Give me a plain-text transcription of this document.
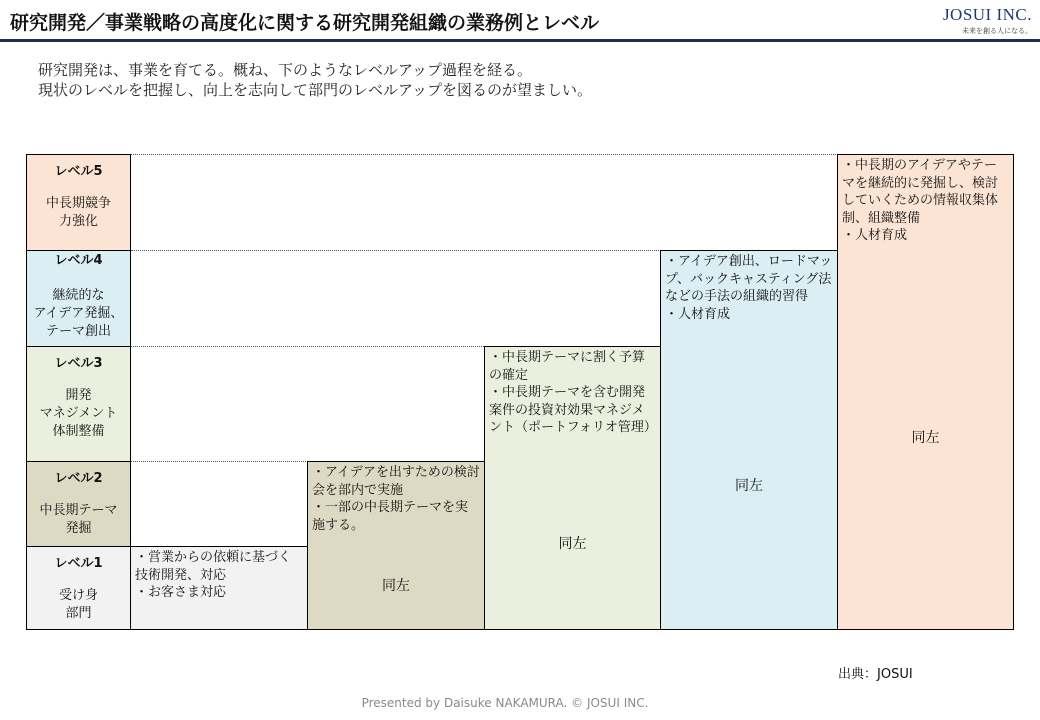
研究開発／事業戦略の高度化に関する研究開発組織の業務例とレベル	JOSUI INC.
未来を創る人になる。
研究開発は、事業を育てる。概ね、下のようなレベルアップ過程を経る。
現状のレベルを把握し、向上を志向して部門のレベルアップを図るのが望ましい。
レベル5
中長期競争
力強化
レベル4
継続的な
アイデア発掘、
テーマ創出
レベル3
開発
マネジメント
体制整備
レベル2
中長期テーマ
発掘
レベル1
受け身
部門
・営業からの依頼に基づく技術開発、対応
・お客さま対応
・アイデアを出すための検討会を部内で実施
・一部の中長期テーマを実施する。
同左
・中長期テーマに割く予算の確定
・中長期テーマを含む開発案件の投資対効果マネジメント（ポートフォリオ管理）
同左
・アイデア創出、ロードマップ、バックキャスティング法などの手法の組織的習得
・人材育成
同左
・中長期のアイデアやテーマを継続的に発掘し、検討していくための情報収集体制、組織整備
・人材育成
同左
出典：JOSUI
Presented by Daisuke NAKAMURA. © JOSUI INC.
